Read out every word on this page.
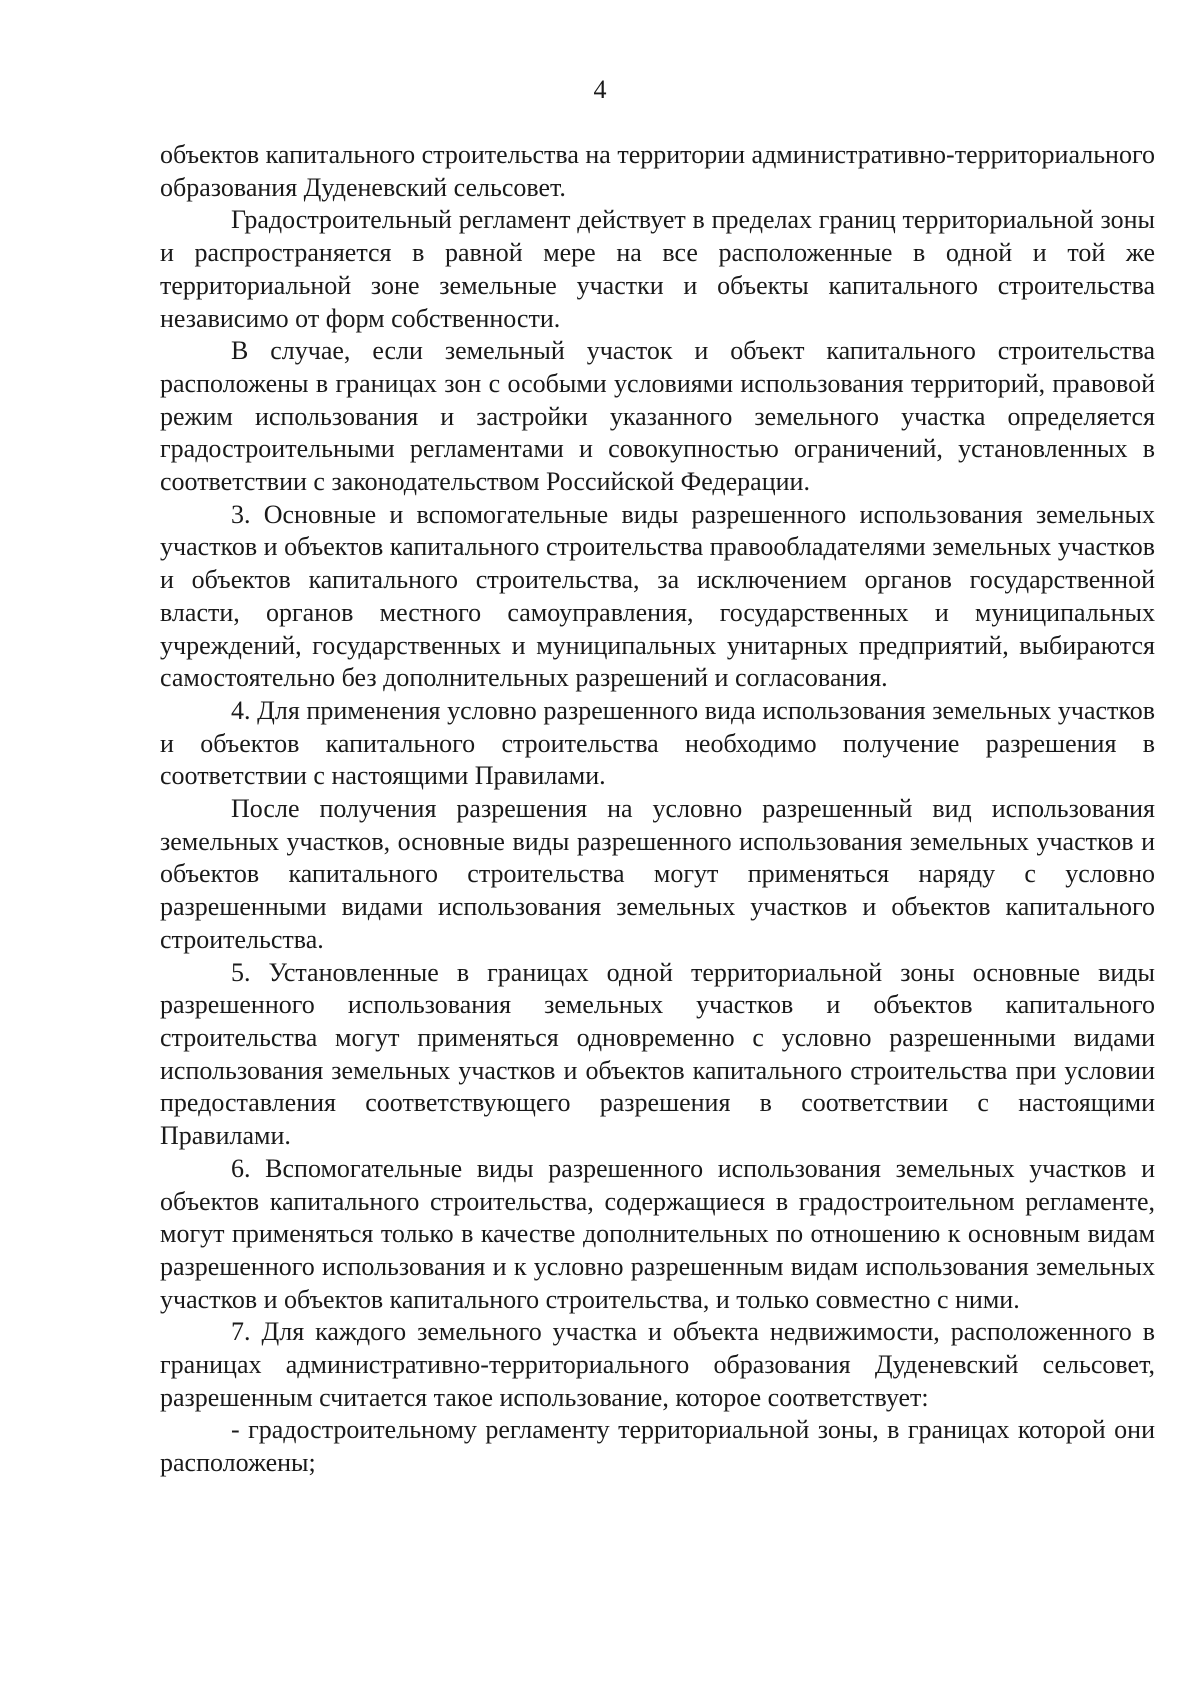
4

объектов капитального строительства на территории административно-территориального образования Дуденевский сельсовет.

Градостроительный регламент действует в пределах границ территориальной зоны и распространяется в равной мере на все расположенные в одной и той же территориальной зоне земельные участки и объекты капитального строительства независимо от форм собственности.

В случае, если земельный участок и объект капитального строительства расположены в границах зон с особыми условиями использования территорий, правовой режим использования и застройки указанного земельного участка определяется градостроительными регламентами и совокупностью ограничений, установленных в соответствии с законодательством Российской Федерации.

3. Основные и вспомогательные виды разрешенного использования земельных участков и объектов капитального строительства правообладателями земельных участков и объектов капитального строительства, за исключением органов государственной власти, органов местного самоуправления, государственных и муниципальных учреждений, государственных и муниципальных унитарных предприятий, выбираются самостоятельно без дополнительных разрешений и согласования.

4. Для применения условно разрешенного вида использования земельных участков и объектов капитального строительства необходимо получение разрешения в соответствии с настоящими Правилами.

После получения разрешения на условно разрешенный вид использования земельных участков, основные виды разрешенного использования земельных участков и объектов капитального строительства могут применяться наряду с условно разрешенными видами использования земельных участков и объектов капитального строительства.

5. Установленные в границах одной территориальной зоны основные виды разрешенного использования земельных участков и объектов капитального строительства могут применяться одновременно с условно разрешенными видами использования земельных участков и объектов капитального строительства при условии предоставления соответствующего разрешения в соответствии с настоящими Правилами.

6. Вспомогательные виды разрешенного использования земельных участков и объектов капитального строительства, содержащиеся в градостроительном регламенте, могут применяться только в качестве дополнительных по отношению к основным видам разрешенного использования и к условно разрешенным видам использования земельных участков и объектов капитального строительства, и только совместно с ними.

7. Для каждого земельного участка и объекта недвижимости, расположенного в границах административно-территориального образования Дуденевский сельсовет, разрешенным считается такое использование, которое соответствует:

- градостроительному регламенту территориальной зоны, в границах которой они расположены;
